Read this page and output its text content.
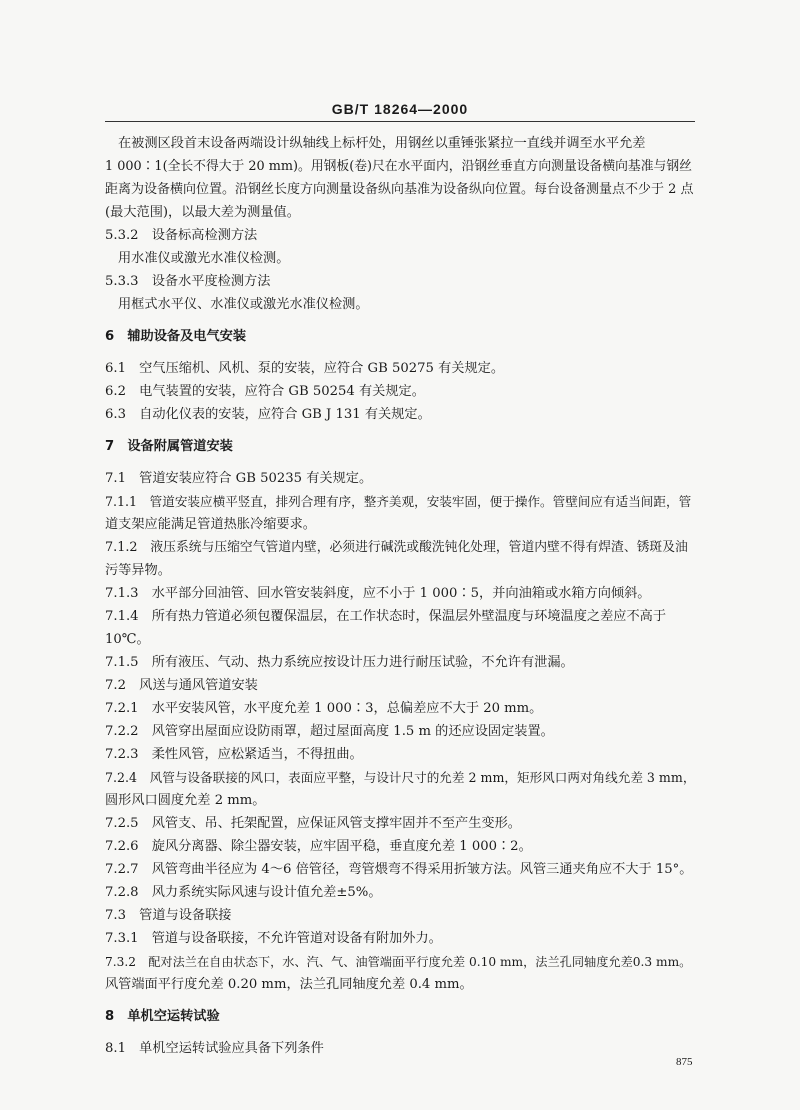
GB/T 18264—2000
在被测区段首末设备两端设计纵轴线上标杆处，用钢丝以重锤张紧拉一直线并调至水平允差
1 000∶1(全长不得大于 20 mm)。用钢板(卷)尺在水平面内，沿钢丝垂直方向测量设备横向基准与钢丝
距离为设备横向位置。沿钢丝长度方向测量设备纵向基准为设备纵向位置。每台设备测量点不少于 2 点
(最大范围)，以最大差为测量值。
5.3.2　设备标高检测方法
用水准仪或激光水准仪检测。
5.3.3　设备水平度检测方法
用框式水平仪、水准仪或激光水准仪检测。
6　辅助设备及电气安装
6.1　空气压缩机、风机、泵的安装，应符合 GB 50275 有关规定。
6.2　电气装置的安装，应符合 GB 50254 有关规定。
6.3　自动化仪表的安装，应符合 GB J 131 有关规定。
7　设备附属管道安装
7.1　管道安装应符合 GB 50235 有关规定。
7.1.1　管道安装应横平竖直，排列合理有序，整齐美观，安装牢固，便于操作。管壁间应有适当间距，管
道支架应能满足管道热胀冷缩要求。
7.1.2　液压系统与压缩空气管道内壁，必须进行碱洗或酸洗钝化处理，管道内壁不得有焊渣、锈斑及油
污等异物。
7.1.3　水平部分回油管、回水管安装斜度，应不小于 1 000∶5，并向油箱或水箱方向倾斜。
7.1.4　所有热力管道必须包覆保温层，在工作状态时，保温层外壁温度与环境温度之差应不高于
10℃。
7.1.5　所有液压、气动、热力系统应按设计压力进行耐压试验，不允许有泄漏。
7.2　风送与通风管道安装
7.2.1　水平安装风管，水平度允差 1 000∶3，总偏差应不大于 20 mm。
7.2.2　风管穿出屋面应设防雨罩，超过屋面高度 1.5 m 的还应设固定装置。
7.2.3　柔性风管，应松紧适当，不得扭曲。
7.2.4　风管与设备联接的风口，表面应平整，与设计尺寸的允差 2 mm，矩形风口两对角线允差 3 mm，
圆形风口圆度允差 2 mm。
7.2.5　风管支、吊、托架配置，应保证风管支撑牢固并不至产生变形。
7.2.6　旋风分离器、除尘器安装，应牢固平稳，垂直度允差 1 000∶2。
7.2.7　风管弯曲半径应为 4～6 倍管径，弯管煨弯不得采用折皱方法。风管三通夹角应不大于 15°。
7.2.8　风力系统实际风速与设计值允差±5%。
7.3　管道与设备联接
7.3.1　管道与设备联接，不允许管道对设备有附加外力。
7.3.2　配对法兰在自由状态下，水、汽、气、油管端面平行度允差 0.10 mm，法兰孔同轴度允差0.3 mm。
风管端面平行度允差 0.20 mm，法兰孔同轴度允差 0.4 mm。
8　单机空运转试验
8.1　单机空运转试验应具备下列条件
875
